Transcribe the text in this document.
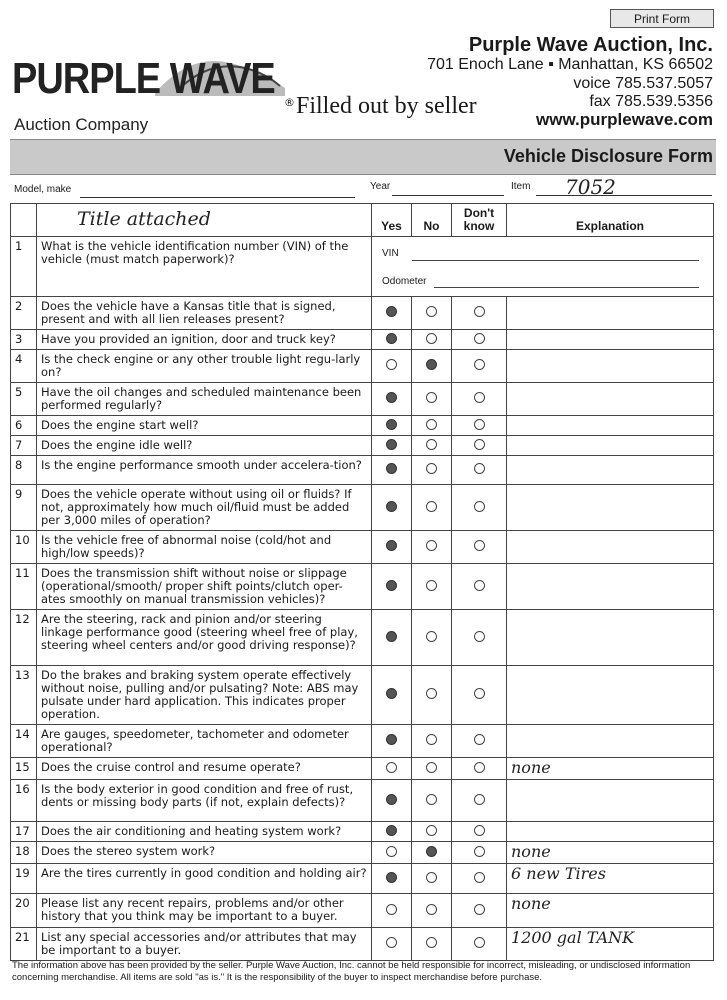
Print Form
PURPLE WAVE
Auction Company
® Filled out by seller
Purple Wave Auction, Inc.
701 Enoch Lane ▪ Manhattan, KS 66502
voice 785.537.5057
fax 785.539.5356
www.purplewave.com
Vehicle Disclosure Form
Model, make	Year	Item 7052
	Title attached	Yes	No	Don't know	Explanation
1	What is the vehicle identification number (VIN) of the vehicle (must match paperwork)?	VIN
Odometer			

2	Does the vehicle have a Kansas title that is signed, present and with all lien releases present?				
3	Have you provided an ignition, door and truck key?				
4	Is the check engine or any other trouble light regu-larly on?				
5	Have the oil changes and scheduled maintenance been performed regularly?				
6	Does the engine start well?				
7	Does the engine idle well?				
8	Is the engine performance smooth under accelera-tion?				
9	Does the vehicle operate without using oil or fluids? If not, approximately how much oil/fluid must be added per 3,000 miles of operation?				
10	Is the vehicle free of abnormal noise (cold/hot and high/low speeds)?				
11	Does the transmission shift without noise or slippage (operational/smooth/ proper shift points/clutch oper-ates smoothly on manual transmission vehicles)?				
12	Are the steering, rack and pinion and/or steering linkage performance good (steering wheel free of play, steering wheel centers and/or good driving response)?				
13	Do the brakes and braking system operate effectively without noise, pulling and/or pulsating? Note: ABS may pulsate under hard application. This indicates proper operation.				
14	Are gauges, speedometer, tachometer and odometer operational?				
15	Does the cruise control and resume operate?				none
16	Is the body exterior in good condition and free of rust, dents or missing body parts (if not, explain defects)?				
17	Does the air conditioning and heating system work?				
18	Does the stereo system work?				none
19	Are the tires currently in good condition and holding air?				6 new Tires
20	Please list any recent repairs, problems and/or other history that you think may be important to a buyer.				none
21	List any special accessories and/or attributes that may be important to a buyer.				1200 gal TANK
The information above has been provided by the seller. Purple Wave Auction, Inc. cannot be held responsible for incorrect, misleading, or undisclosed information concerning merchandise. All items are sold "as is." It is the responsibility of the buyer to inspect merchandise before purchase.
